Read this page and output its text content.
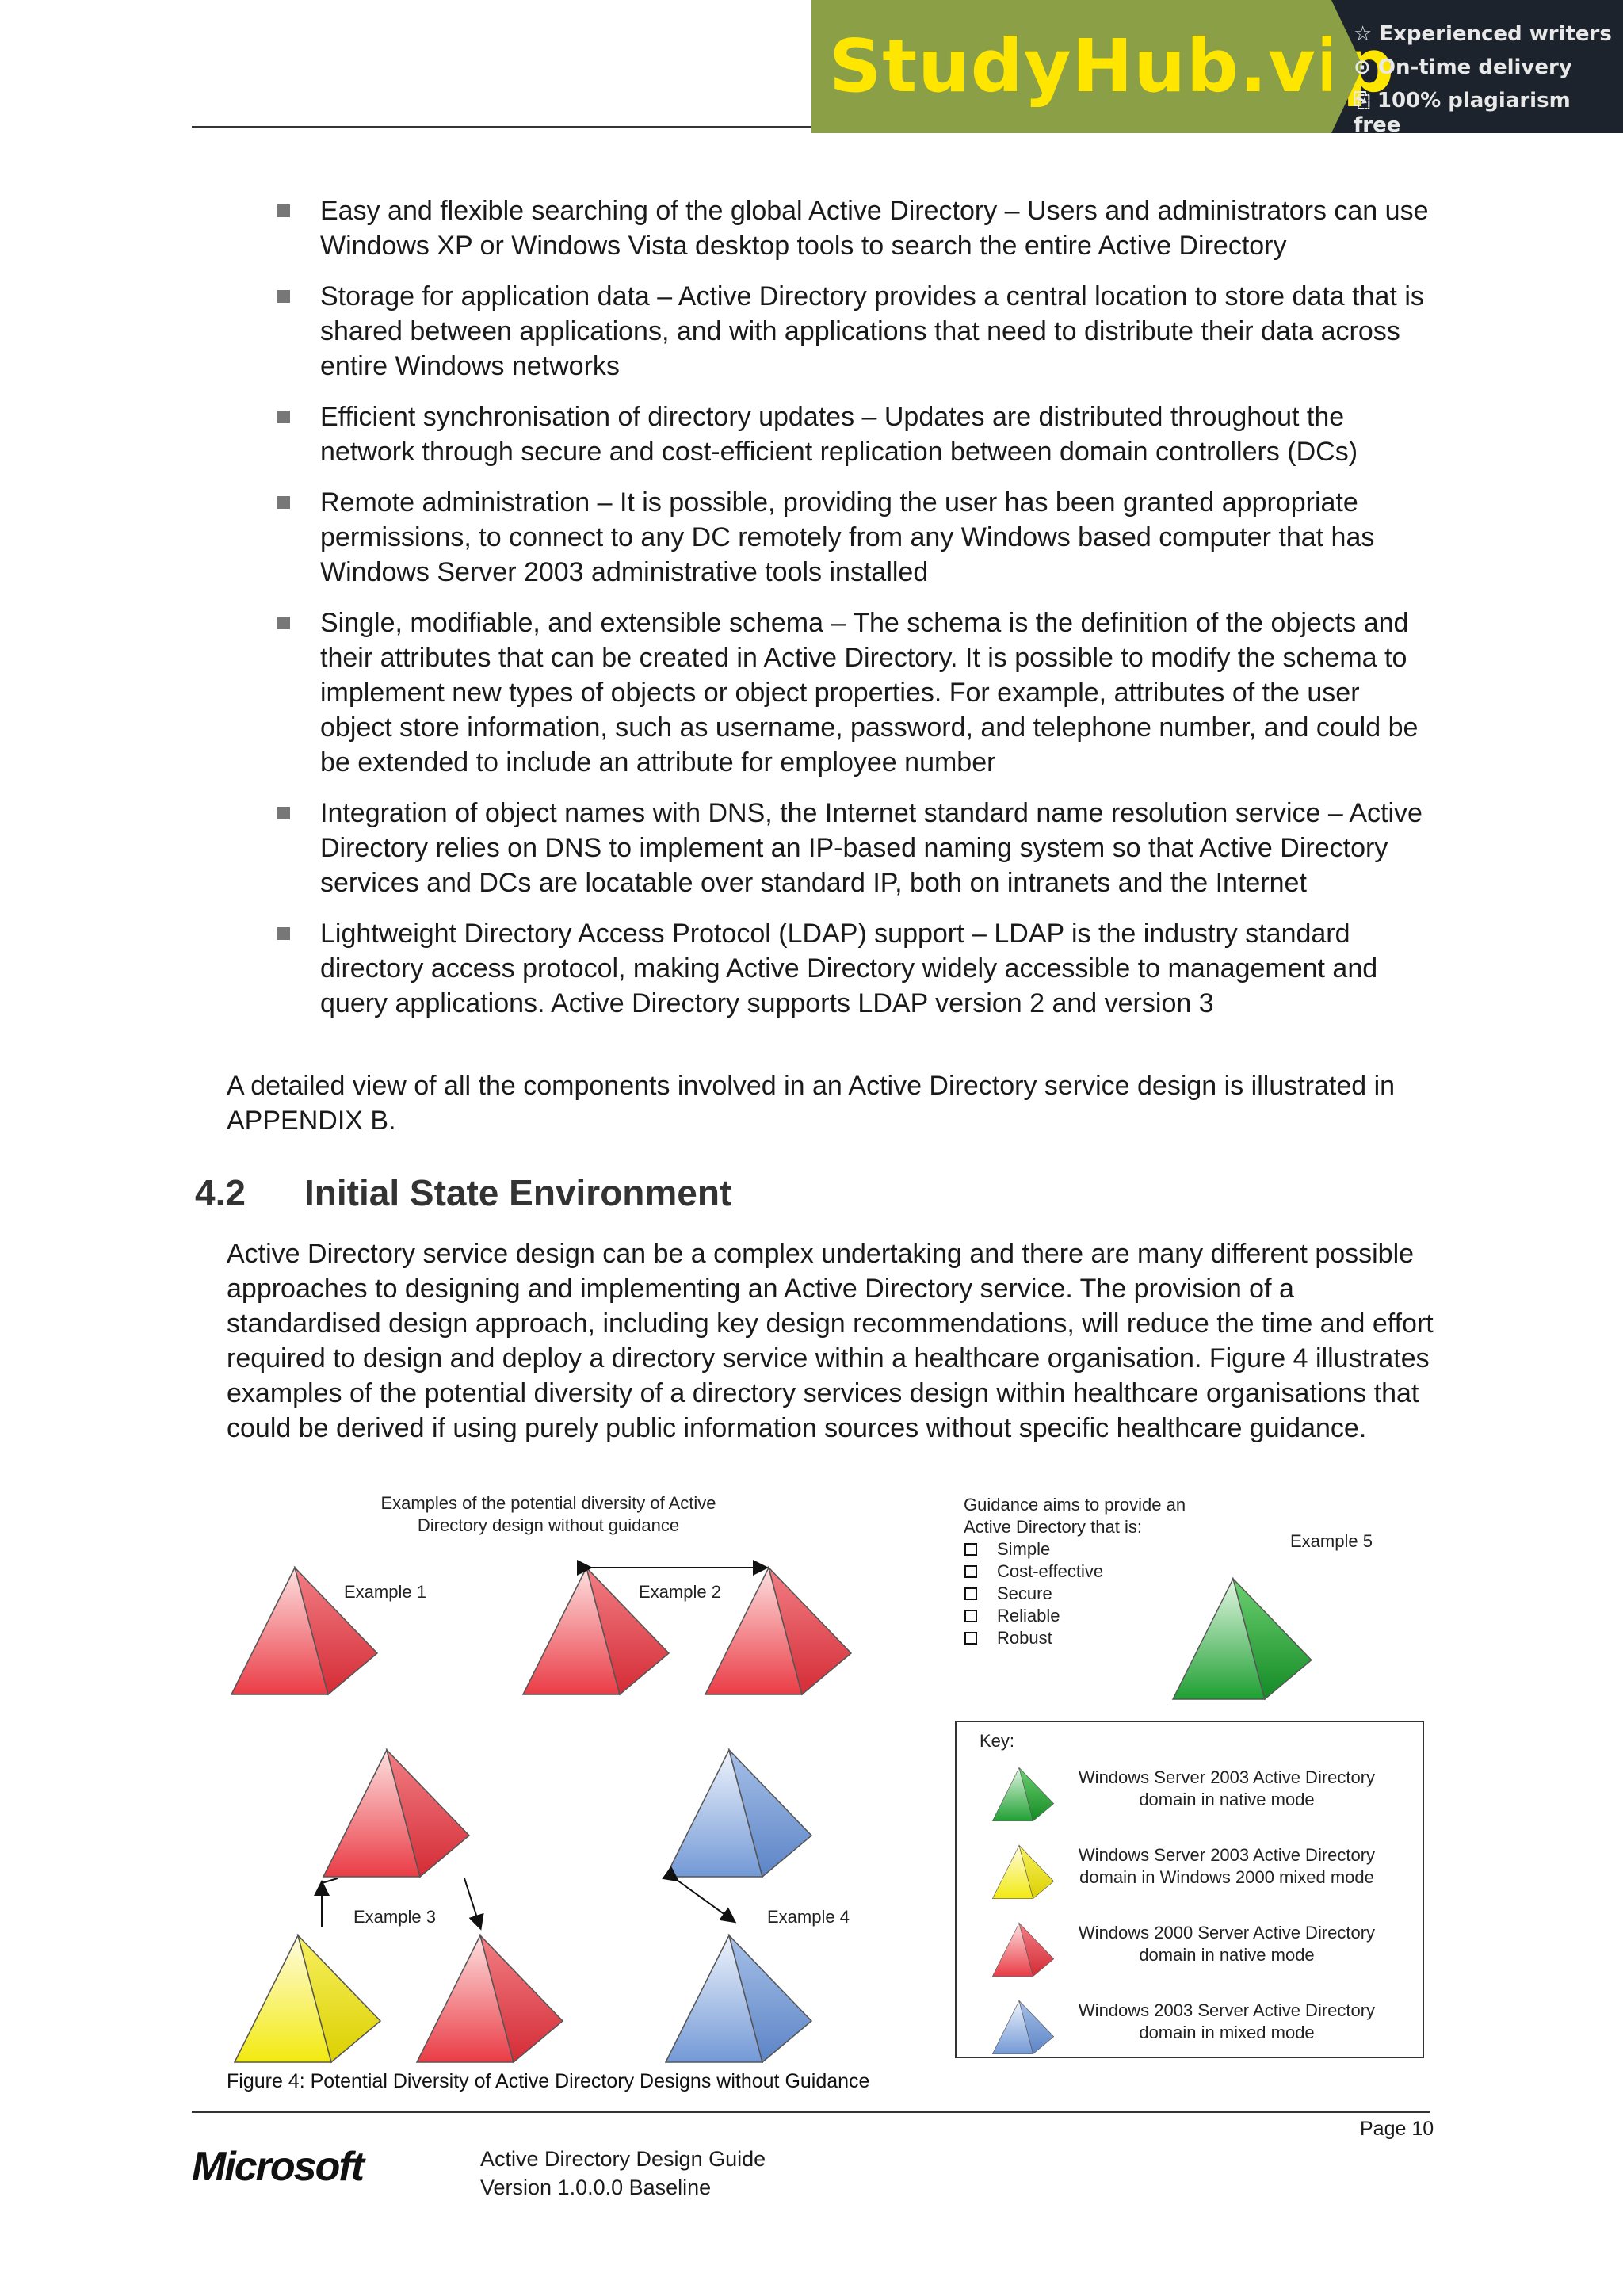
StudyHub.vip
☆ Experienced writers
⊙ On-time delivery
⎘ 100% plagiarism free
Easy and flexible searching of the global Active Directory – Users and administrators can use Windows XP or Windows Vista desktop tools to search the entire Active Directory
Storage for application data – Active Directory provides a central location to store data that is shared between applications, and with applications that need to distribute their data across entire Windows networks
Efficient synchronisation of directory updates – Updates are distributed throughout the network through secure and cost-efficient replication between domain controllers (DCs)
Remote administration – It is possible, providing the user has been granted appropriate permissions, to connect to any DC remotely from any Windows based computer that has Windows Server 2003 administrative tools installed
Single, modifiable, and extensible schema – The schema is the definition of the objects and their attributes that can be created in Active Directory. It is possible to modify the schema to implement new types of objects or object properties. For example, attributes of the user object store information, such as username, password, and telephone number, and could be be extended to include an attribute for employee number
Integration of object names with DNS, the Internet standard name resolution service – Active Directory relies on DNS to implement an IP-based naming system so that Active Directory services and DCs are locatable over standard IP, both on intranets and the Internet
Lightweight Directory Access Protocol (LDAP) support – LDAP is the industry standard directory access protocol, making Active Directory widely accessible to management and query applications. Active Directory supports LDAP version 2 and version 3
A detailed view of all the components involved in an Active Directory service design is illustrated in APPENDIX B.
4.2 Initial State Environment
Active Directory service design can be a complex undertaking and there are many different possible approaches to designing and implementing an Active Directory service. The provision of a standardised design approach, including key design recommendations, will reduce the time and effort required to design and deploy a directory service within a healthcare organisation. Figure 4 illustrates examples of the potential diversity of a directory services design within healthcare organisations that could be derived if using purely public information sources without specific healthcare guidance.
Examples of the potential diversity of Active
Directory design without guidance
Example 1	Example 2
Example 3	Example 4
Guidance aims to provide an
Active Directory that is:
Simple
Cost-effective
Secure
Reliable
Robust
Example 5
Key:
Windows Server 2003 Active Directory
domain in native mode
Windows Server 2003 Active Directory
domain in Windows 2000 mixed mode
Windows 2000 Server Active Directory
domain in native mode
Windows 2003 Server Active Directory
domain in mixed mode
Figure 4: Potential Diversity of Active Directory Designs without Guidance
Page 10
Microsoft	Active Directory Design Guide
Version 1.0.0.0 Baseline
